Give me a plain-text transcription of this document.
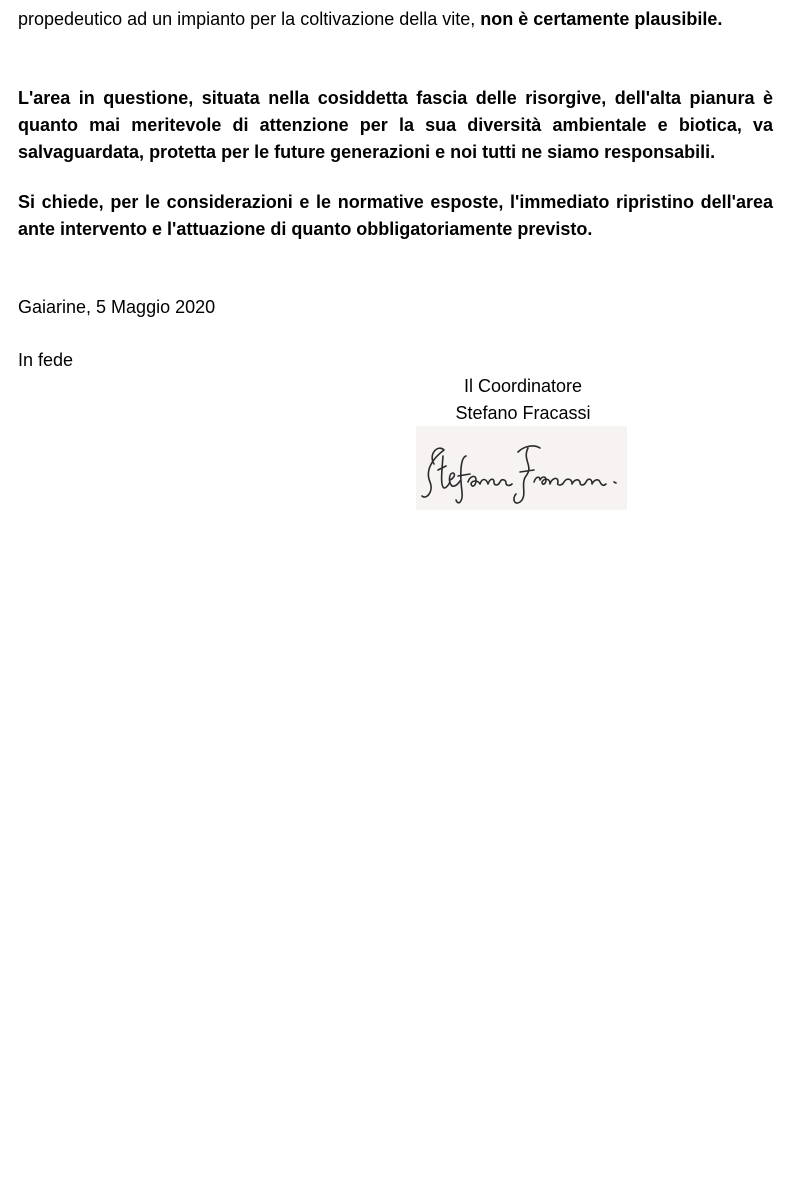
propedeutico ad un impianto per la coltivazione della vite, non è certamente plausibile.

L'area in questione, situata nella cosiddetta fascia delle risorgive, dell'alta pianura è quanto mai meritevole di attenzione per la sua diversità ambientale e biotica, va salvaguardata, protetta per le future generazioni e noi tutti ne siamo responsabili.

Si chiede, per le considerazioni e le normative esposte, l'immediato ripristino dell'area ante intervento e l'attuazione di quanto obbligatoriamente previsto.

Gaiarine, 5 Maggio 2020

In fede

Il Coordinatore
Stefano Fracassi
